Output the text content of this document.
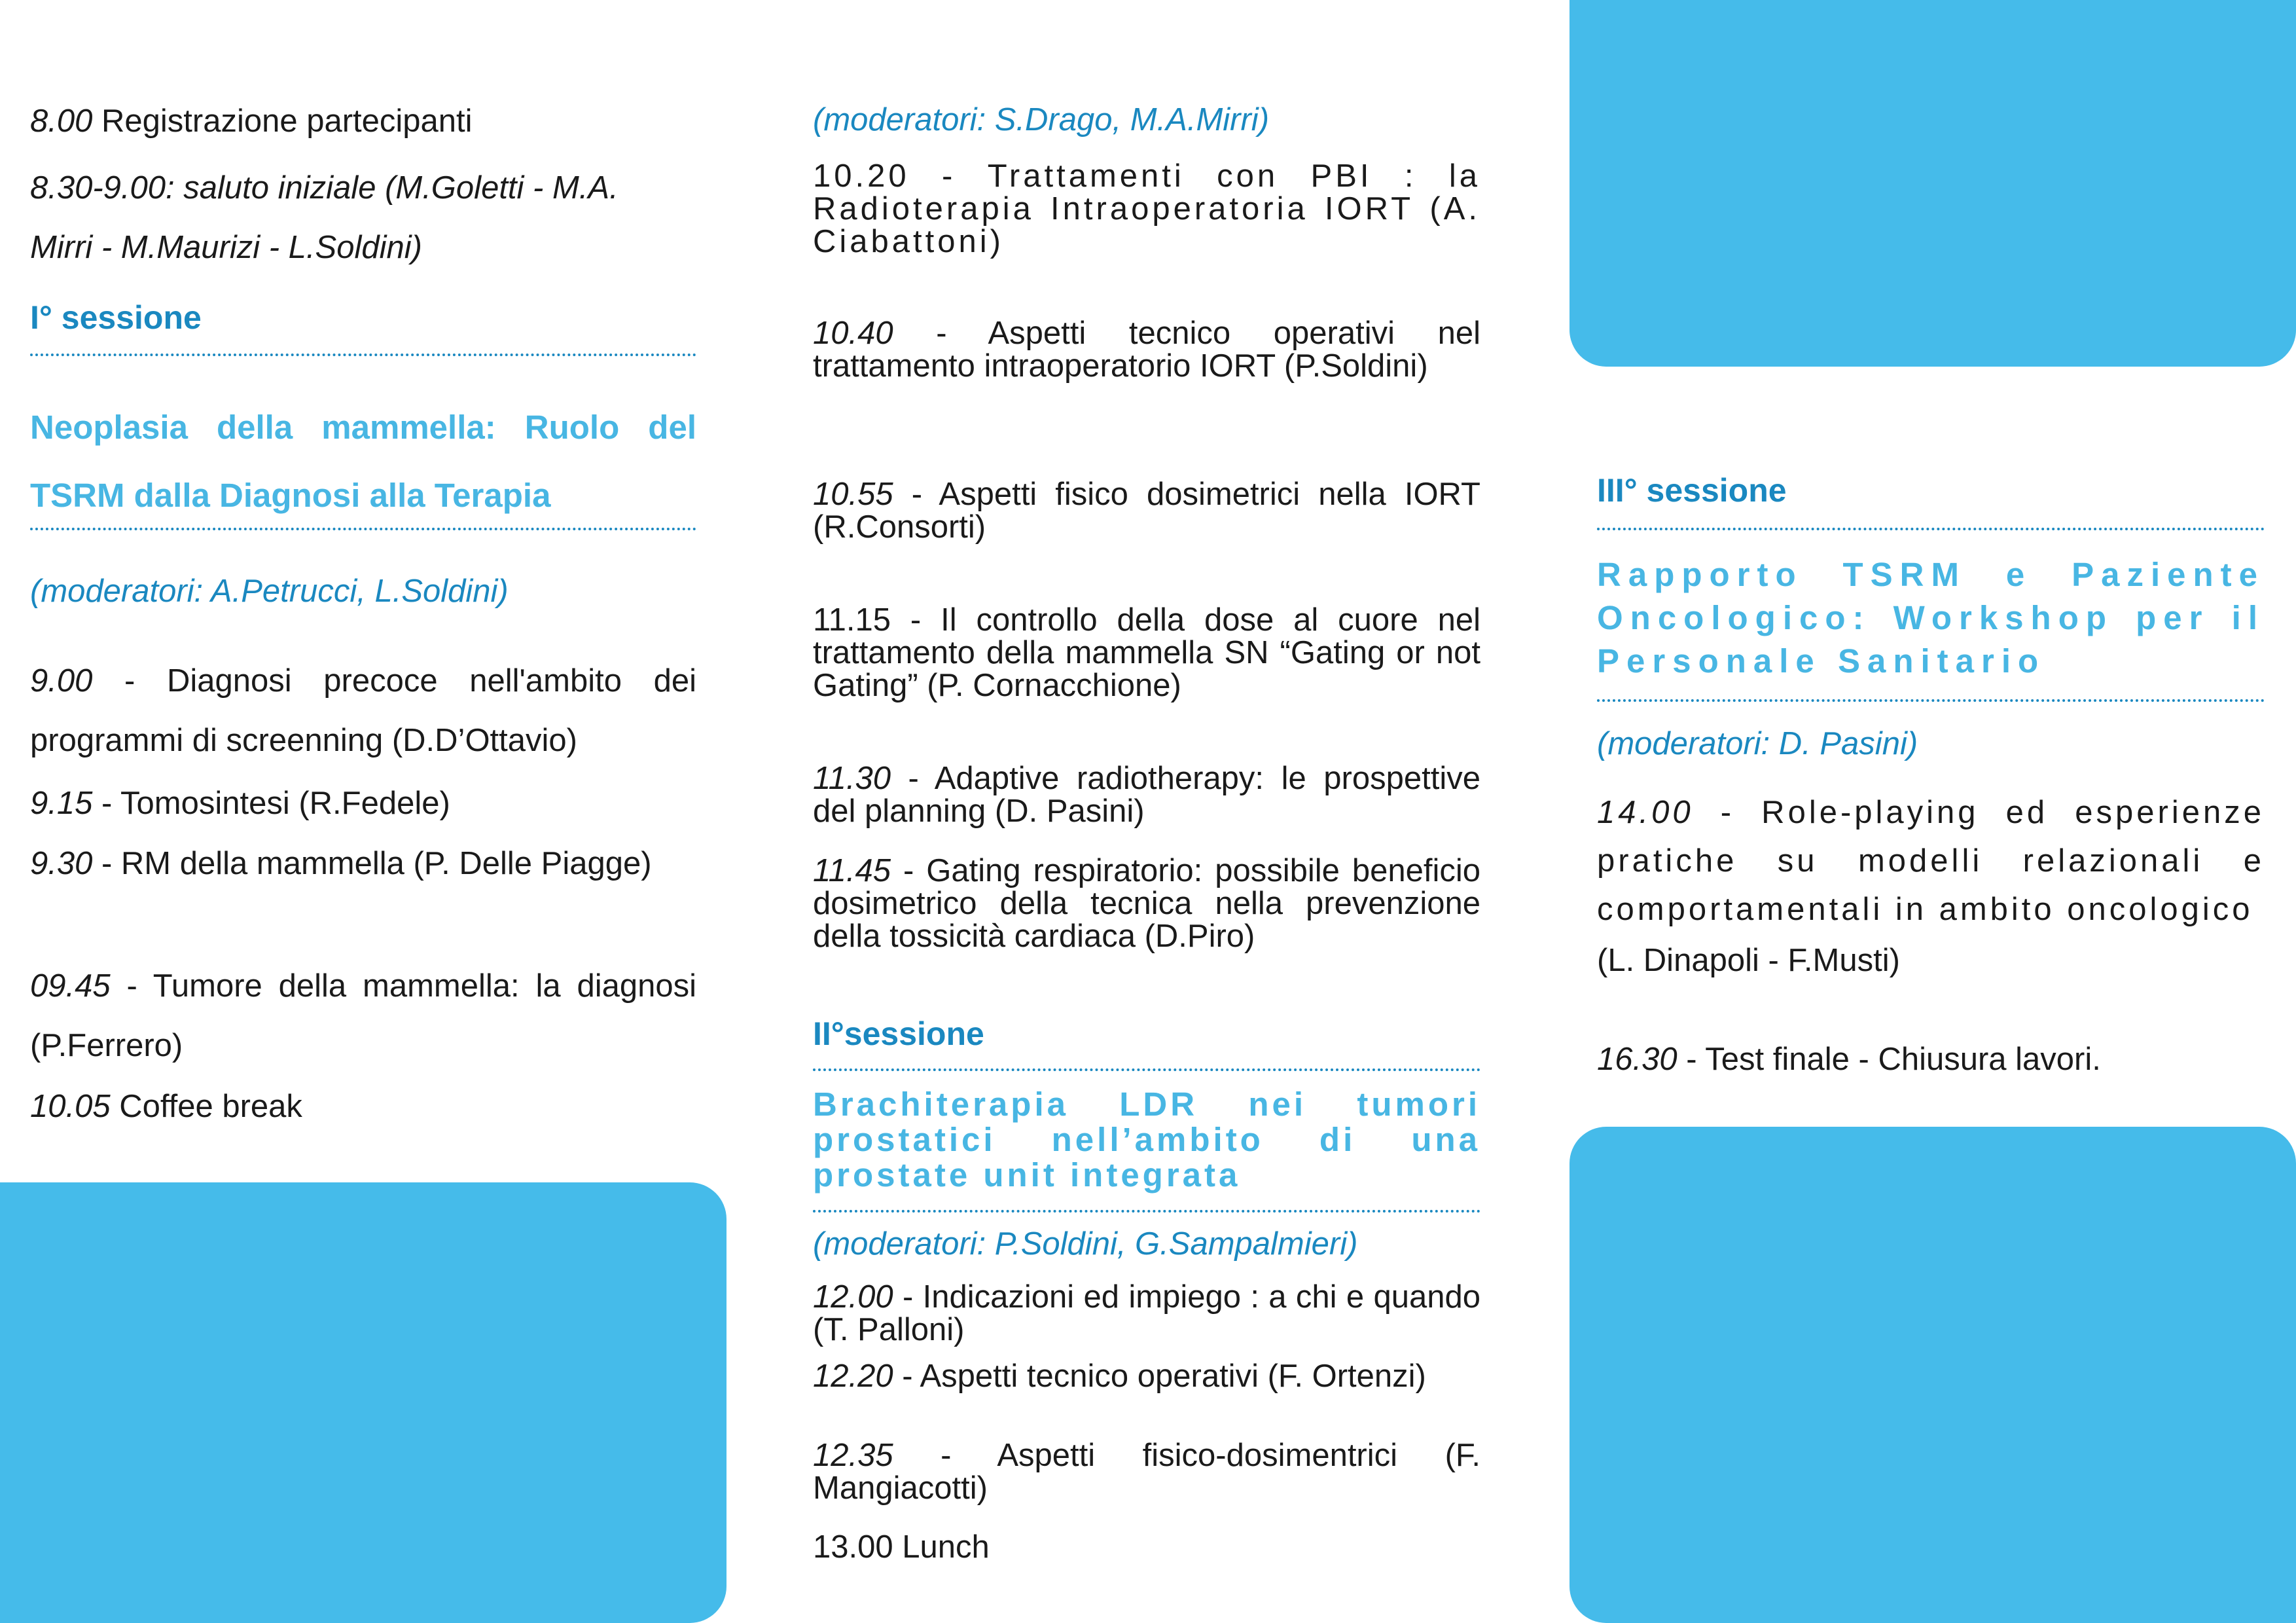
8.00 Registrazione partecipanti

8.30-9.00: saluto iniziale (M.Goletti - M.A.
Mirri - M.Maurizi - L.Soldini)

I° sessione

Neoplasia della mammella: Ruolo del TSRM dalla Diagnosi alla Terapia

(moderatori: A.Petrucci, L.Soldini)

9.00 - Diagnosi precoce nell'ambito dei programmi di screenning (D.D’Ottavio)

9.15 - Tomosintesi (R.Fedele)

9.30 - RM della mammella (P. Delle Piagge)

09.45 - Tumore della mammella: la diagnosi (P.Ferrero)

10.05 Coffee break

(moderatori: S.Drago, M.A.Mirri)

10.20 - Trattamenti con PBI : la Radioterapia Intraoperatoria IORT (A. Ciabattoni)

10.40 - Aspetti tecnico operativi nel trattamento intraoperatorio IORT (P.Soldini)

10.55 - Aspetti fisico dosimetrici nella IORT (R.Consorti)

11.15 - Il controllo della dose al cuore nel trattamento della mammella SN “Gating or not Gating” (P. Cornacchione)

11.30 - Adaptive radiotherapy: le prospettive del planning (D. Pasini)

11.45 - Gating respiratorio: possibile beneficio dosimetrico della tecnica nella prevenzione della tossicità cardiaca (D.Piro)

II°sessione

Brachiterapia LDR nei tumori prostatici nell’ambito di una prostate unit integrata

(moderatori: P.Soldini, G.Sampalmieri)

12.00 - Indicazioni ed impiego : a chi e quando (T. Palloni)

12.20 - Aspetti tecnico operativi (F. Ortenzi)

12.35 - Aspetti fisico-dosimentrici (F. Mangiacotti)

13.00 Lunch

III° sessione

Rapporto TSRM e Paziente Oncologico: Workshop per il Personale Sanitario

(moderatori: D. Pasini)

14.00 - Role-playing ed esperienze pratiche su modelli relazionali e comportamentali in ambito oncologico

(L. Dinapoli - F.Musti)

16.30 - Test finale - Chiusura lavori.
